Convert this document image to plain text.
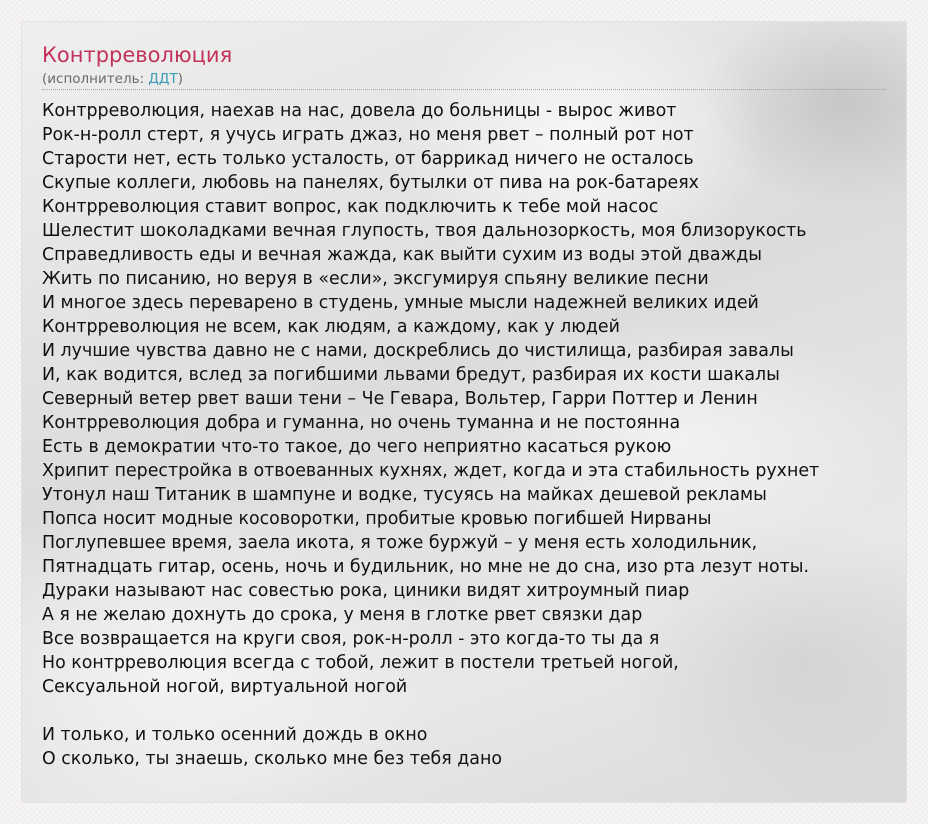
Контрреволюция
(исполнитель: ДДТ)
Контрреволюция, наехав на нас, довела до больницы - вырос живот
Рок-н-ролл стерт, я учусь играть джаз, но меня рвет – полный рот нот
Старости нет, есть только усталость, от баррикад ничего не осталось
Скупые коллеги, любовь на панелях, бутылки от пива на рок-батареях
Контрреволюция ставит вопрос, как подключить к тебе мой насос
Шелестит шоколадками вечная глупость, твоя дальнозоркость, моя близорукость
Справедливость еды и вечная жажда, как выйти сухим из воды этой дважды
Жить по писанию, но веруя в «если», эксгумируя спьяну великие песни
И многое здесь переварено в студень, умные мысли надежней великих идей
Контрреволюция не всем, как людям, а каждому, как у людей
И лучшие чувства давно не с нами, доскреблись до чистилища, разбирая завалы
И, как водится, вслед за погибшими львами бредут, разбирая их кости шакалы
Северный ветер рвет ваши тени – Че Гевара, Вольтер, Гарри Поттер и Ленин
Контрреволюция добра и гуманна, но очень туманна и не постоянна
Есть в демократии что-то такое, до чего неприятно касаться рукою
Хрипит перестройка в отвоеванных кухнях, ждет, когда и эта стабильность рухнет
Утонул наш Титаник в шампуне и водке, тусуясь на майках дешевой рекламы
Попса носит модные косоворотки, пробитые кровью погибшей Нирваны
Поглупевшее время, заела икота, я тоже буржуй – у меня есть холодильник,
Пятнадцать гитар, осень, ночь и будильник, но мне не до сна, изо рта лезут ноты.
Дураки называют нас совестью рока, циники видят хитроумный пиар
А я не желаю дохнуть до срока, у меня в глотке рвет связки дар
Все возвращается на круги своя, рок-н-ролл - это когда-то ты да я
Но контрреволюция всегда с тобой, лежит в постели третьей ногой,
Сексуальной ногой, виртуальной ногой
И только, и только осенний дождь в окно
О сколько, ты знаешь, сколько мне без тебя дано
